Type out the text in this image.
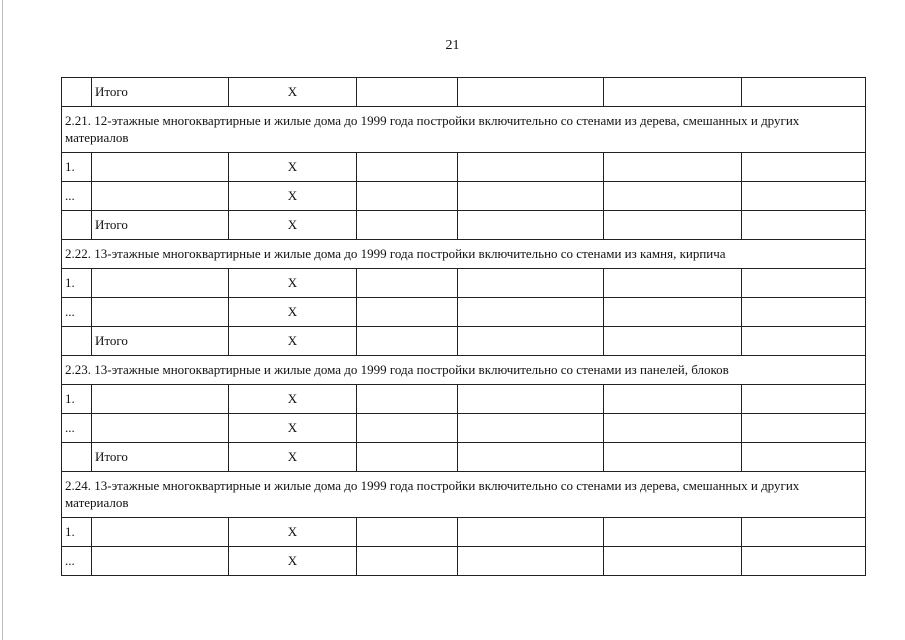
21
	Итого	X				
2.21. 12-этажные многоквартирные и жилые дома до 1999 года постройки включительно со стенами из дерева, смешанных и других материалов						
1.		X				
...		X				
	Итого	X				
2.22. 13-этажные многоквартирные и жилые дома до 1999 года постройки включительно со стенами из камня, кирпича						
1.		X				
...		X				
	Итого	X				
2.23. 13-этажные многоквартирные и жилые дома до 1999 года постройки включительно со стенами из панелей, блоков						
1.		X				
...		X				
	Итого	X				
2.24. 13-этажные многоквартирные и жилые дома до 1999 года постройки включительно со стенами из дерева, смешанных и других материалов						
1.		X				
...		X				
